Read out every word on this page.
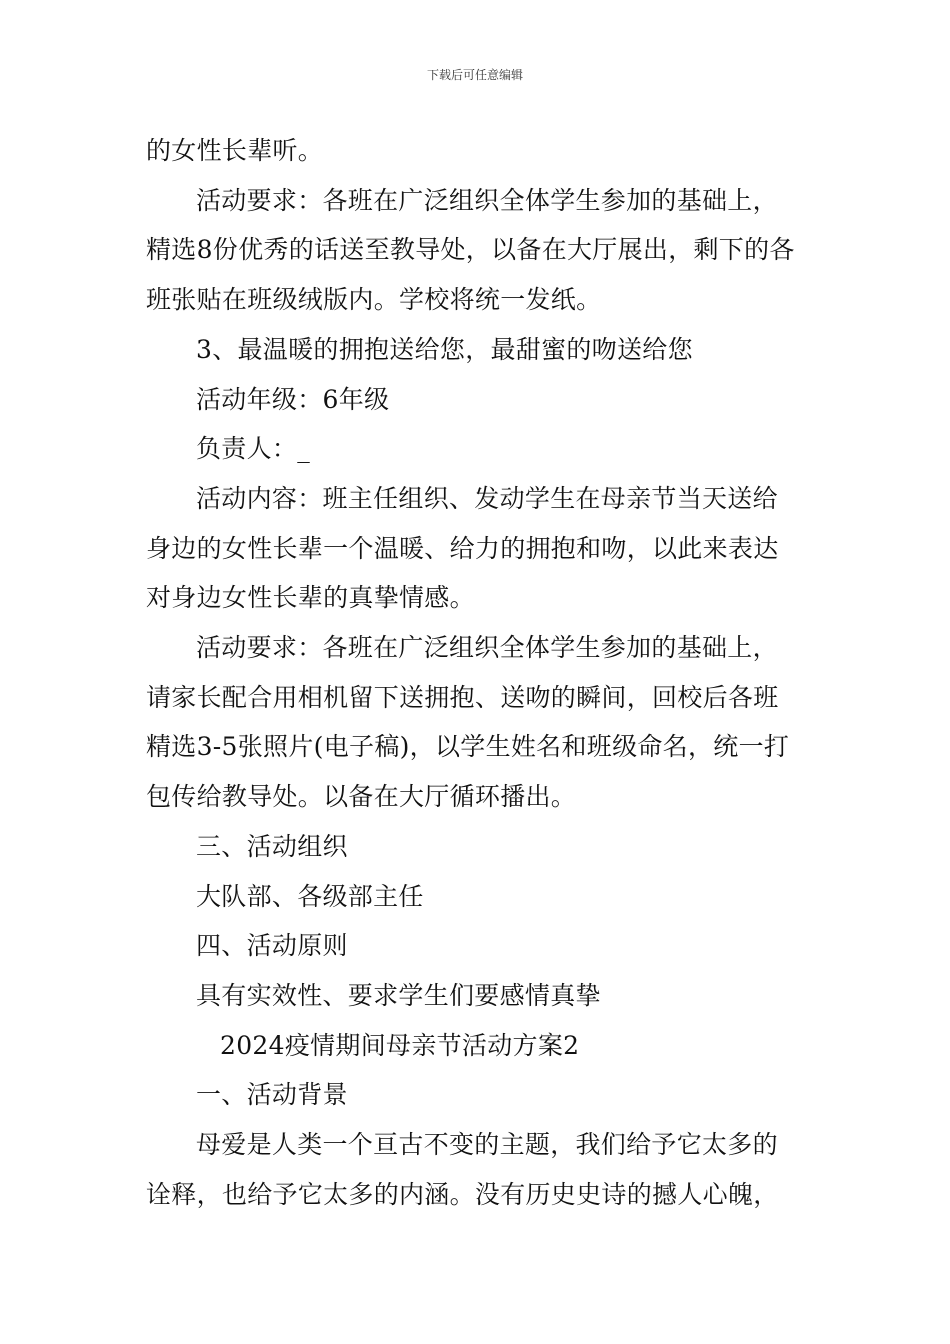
下载后可任意编辑

的女性长辈听。

活动要求：各班在广泛组织全体学生参加的基础上，

精选8份优秀的话送至教导处，以备在大厅展出，剩下的各

班张贴在班级绒版内。学校将统一发纸。

3、最温暖的拥抱送给您，最甜蜜的吻送给您

活动年级：6年级

负责人：_

活动内容：班主任组织、发动学生在母亲节当天送给

身边的女性长辈一个温暖、给力的拥抱和吻，以此来表达

对身边女性长辈的真挚情感。

活动要求：各班在广泛组织全体学生参加的基础上，

请家长配合用相机留下送拥抱、送吻的瞬间，回校后各班

精选3-5张照片(电子稿)，以学生姓名和班级命名，统一打

包传给教导处。以备在大厅循环播出。

三、活动组织

大队部、各级部主任

四、活动原则

具有实效性、要求学生们要感情真挚

2024疫情期间母亲节活动方案2

一、活动背景

母爱是人类一个亘古不变的主题，我们给予它太多的

诠释，也给予它太多的内涵。没有历史史诗的撼人心魄，
